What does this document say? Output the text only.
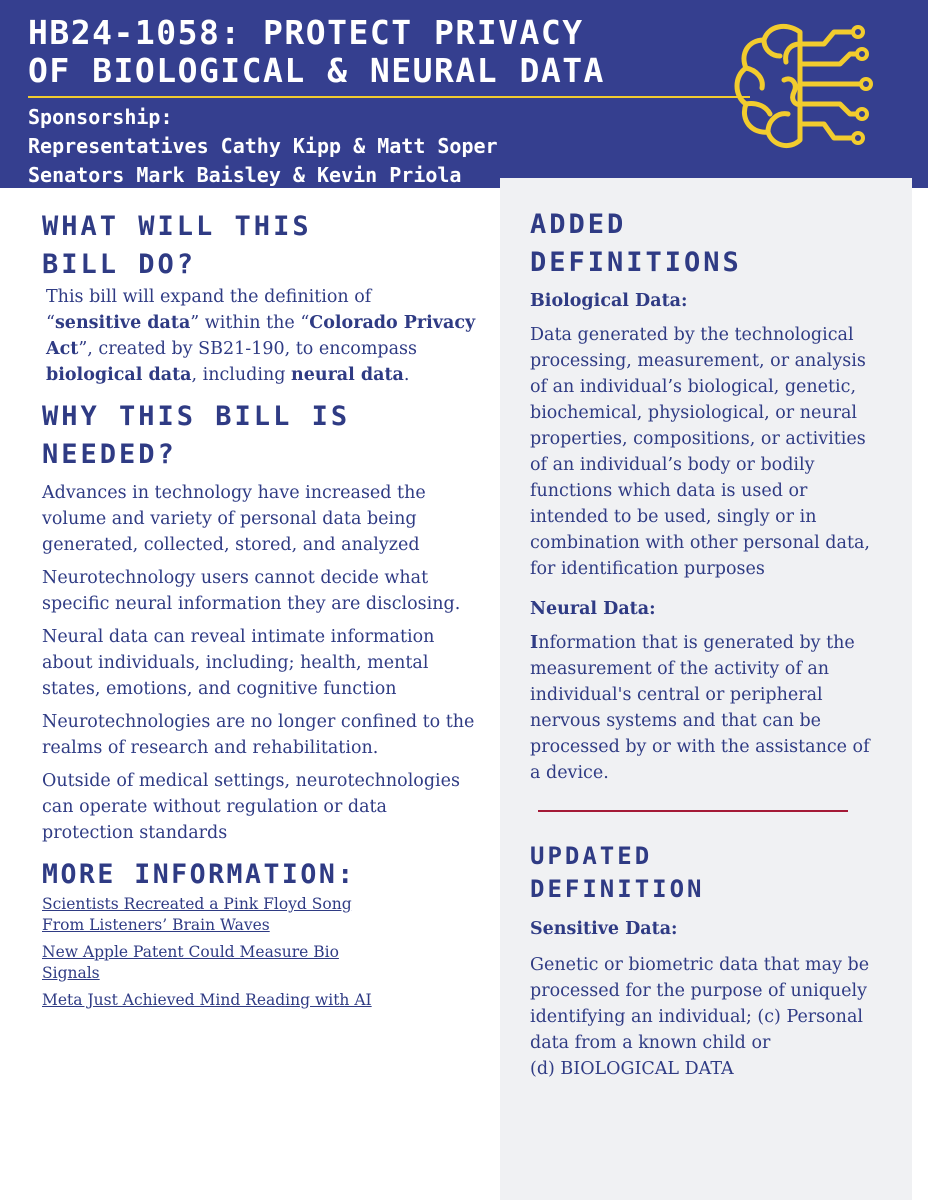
HB24-1058: PROTECT PRIVACY
OF BIOLOGICAL & NEURAL DATA
Sponsorship:
Representatives Cathy Kipp & Matt Soper
Senators Mark Baisley & Kevin Priola
WHAT WILL THIS
BILL DO?

This bill will expand the definition of
“sensitive data” within the “Colorado Privacy Act”, created by SB21-190, to encompass biological data, including neural data.

WHY THIS BILL IS
NEEDED?

Advances in technology have increased the volume and variety of personal data being generated, collected, stored, and analyzed

Neurotechnology users cannot decide what specific neural information they are disclosing.

Neural data can reveal intimate information about individuals, including; health, mental states, emotions, and cognitive function

Neurotechnologies are no longer confined to the realms of research and rehabilitation.

Outside of medical settings, neurotechnologies can operate without regulation or data protection standards

MORE INFORMATION:
Scientists Recreated a Pink Floyd Song
From Listeners’ Brain Waves
New Apple Patent Could Measure Bio
Signals
Meta Just Achieved Mind Reading with AI
ADDED
DEFINITIONS
Biological Data:

Data generated by the technological processing, measurement, or analysis of an individual’s biological, genetic, biochemical, physiological, or neural properties, compositions, or activities of an individual’s body or bodily functions which data is used or intended to be used, singly or in combination with other personal data, for identification purposes

Neural Data:

Information that is generated by the measurement of the activity of an individual's central or peripheral nervous systems and that can be processed by or with the assistance of a device.

UPDATED
DEFINITION
Sensitive Data:

Genetic or biometric data that may be processed for the purpose of uniquely identifying an individual; (c) Personal data from a known child or
(d) BIOLOGICAL DATA
